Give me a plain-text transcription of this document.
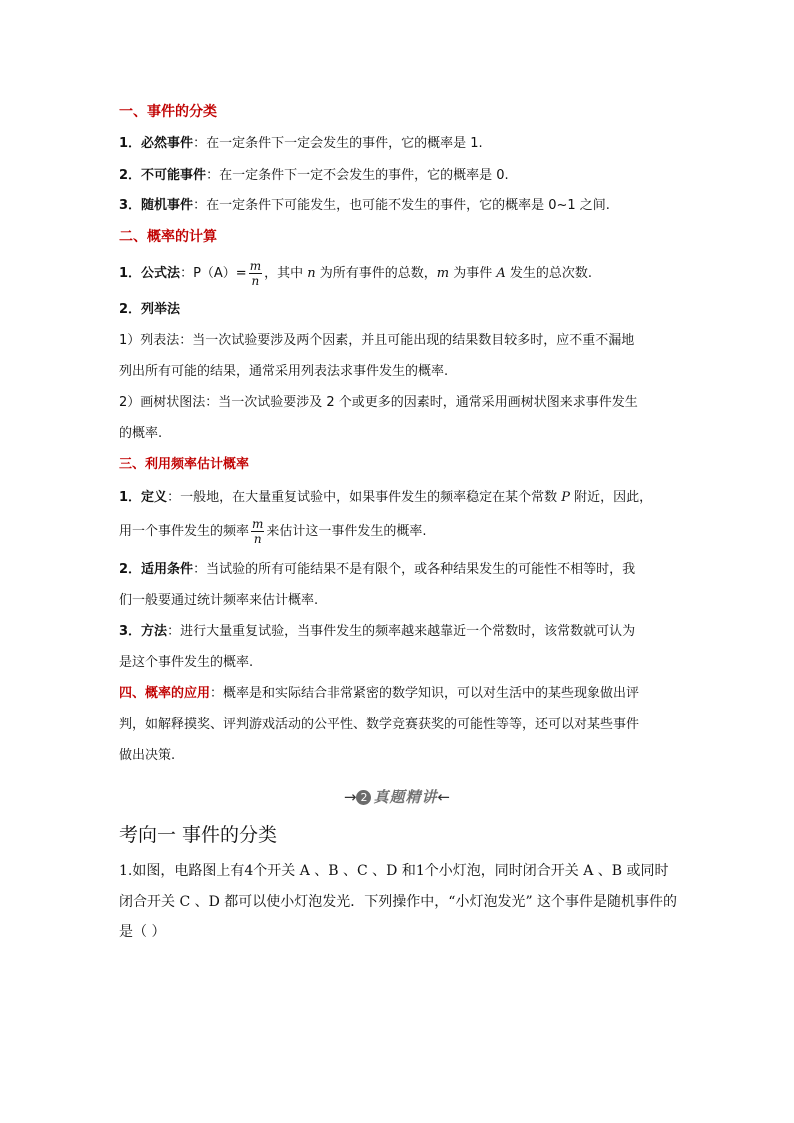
一、事件的分类
1．必然事件：在一定条件下一定会发生的事件，它的概率是 1.
2．不可能事件：在一定条件下一定不会发生的事件，它的概率是 0.
3．随机事件：在一定条件下可能发生，也可能不发生的事件，它的概率是 0~1 之间.
二、概率的计算
1．公式法：$P(A)= \frac{m}{n}$ ，其中 n 为所有事件的总数，m 为事件 A 发生的总次数.
2．列举法
1）列表法：当一次试验要涉及两个因素，并且可能出现的结果数目较多时，应不重不漏地
列出所有可能的结果，通常采用列表法求事件发生的概率.
2）画树状图法：当一次试验要涉及 2 个或更多的因素时，通常采用画树状图来求事件发生
的概率.
三、利用频率估计概率
1．定义：一般地，在大量重复试验中，如果事件发生的频率稳定在某个常数 P 附近，因此，
用一个事件发生的频率 $\frac{m}{n}$ 来估计这一事件发生的概率.
2．适用条件：当试验的所有可能结果不是有限个，或各种结果发生的可能性不相等时，我
们一般要通过统计频率来估计概率.
3．方法：进行大量重复试验，当事件发生的频率越来越靠近一个常数时，该常数就可认为
是这个事件发生的概率.
四、概率的应用：概率是和实际结合非常紧密的数学知识，可以对生活中的某些现象做出评
判，如解释摸奖、评判游戏活动的公平性、数学竞赛获奖的可能性等等，还可以对某些事件
做出决策.
→ 2 真题精讲←
考向一 事件的分类
1.如图，电路图上有4个开关 A 、B 、C 、D 和1个小灯泡，同时闭合开关 A 、B 或同时
闭合开关 C 、D 都可以使小灯泡发光．下列操作中，“小灯泡发光” 这个事件是随机事件的
是（ ）
